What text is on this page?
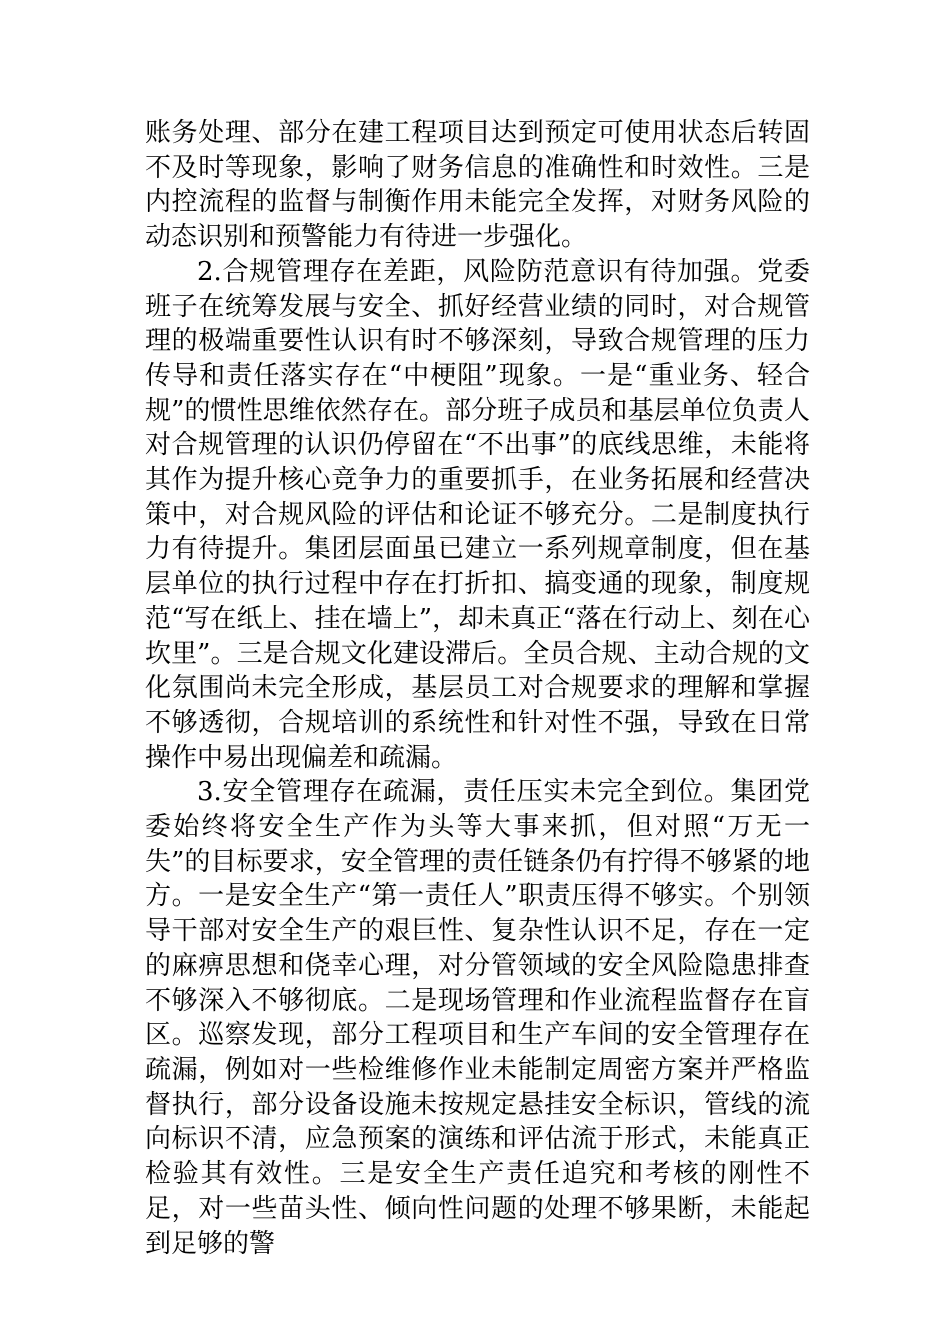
账务处理、部分在建工程项目达到预定可使用状态后转固不及时等现象，影响了财务信息的准确性和时效性。三是内控流程的监督与制衡作用未能完全发挥，对财务风险的动态识别和预警能力有待进一步强化。

2.合规管理存在差距，风险防范意识有待加强。党委班子在统筹发展与安全、抓好经营业绩的同时，对合规管理的极端重要性认识有时不够深刻，导致合规管理的压力传导和责任落实存在“中梗阻”现象。一是“重业务、轻合规”的惯性思维依然存在。部分班子成员和基层单位负责人对合规管理的认识仍停留在“不出事”的底线思维，未能将其作为提升核心竞争力的重要抓手，在业务拓展和经营决策中，对合规风险的评估和论证不够充分。二是制度执行力有待提升。集团层面虽已建立一系列规章制度，但在基层单位的执行过程中存在打折扣、搞变通的现象，制度规范“写在纸上、挂在墙上”，却未真正“落在行动上、刻在心坎里”。三是合规文化建设滞后。全员合规、主动合规的文化氛围尚未完全形成，基层员工对合规要求的理解和掌握不够透彻，合规培训的系统性和针对性不强，导致在日常操作中易出现偏差和疏漏。

3.安全管理存在疏漏，责任压实未完全到位。集团党委始终将安全生产作为头等大事来抓，但对照“万无一失”的目标要求，安全管理的责任链条仍有拧得不够紧的地方。一是安全生产“第一责任人”职责压得不够实。个别领导干部对安全生产的艰巨性、复杂性认识不足，存在一定的麻痹思想和侥幸心理，对分管领域的安全风险隐患排查不够深入不够彻底。二是现场管理和作业流程监督存在盲区。巡察发现，部分工程项目和生产车间的安全管理存在疏漏，例如对一些检维修作业未能制定周密方案并严格监督执行，部分设备设施未按规定悬挂安全标识，管线的流向标识不清，应急预案的演练和评估流于形式，未能真正检验其有效性。三是安全生产责任追究和考核的刚性不足，对一些苗头性、倾向性问题的处理不够果断，未能起到足够的警
